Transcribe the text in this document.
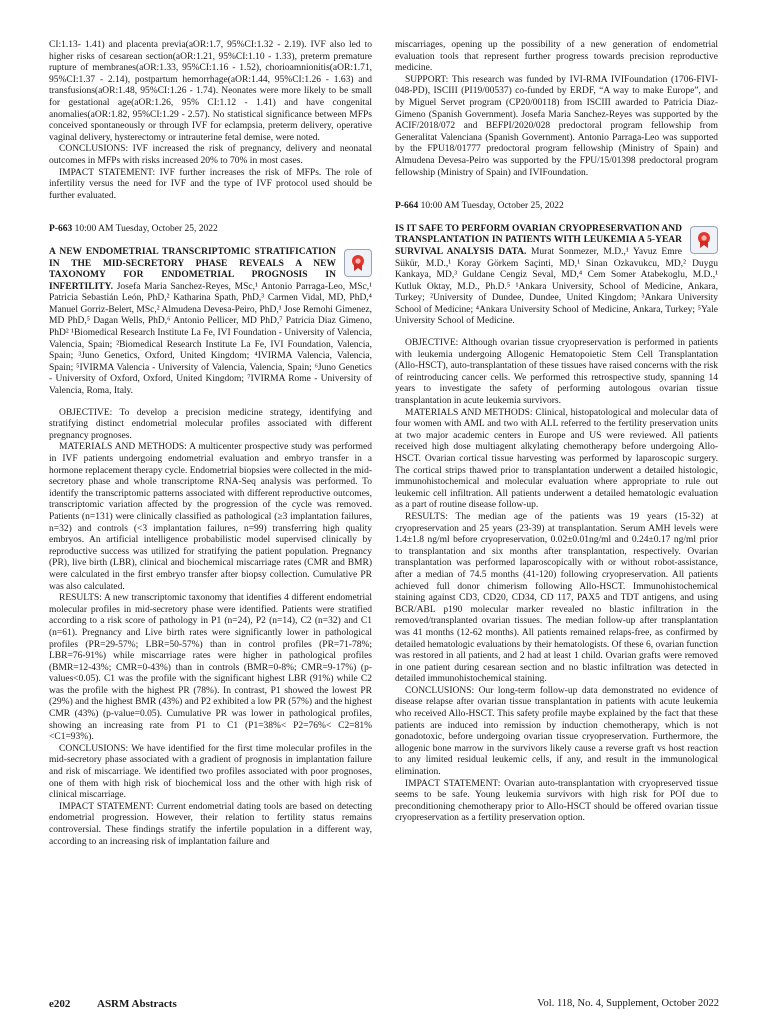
CI:1.13- 1.41) and placenta previa(aOR:1.7, 95%CI:1.32 - 2.19). IVF also led to higher risks of cesarean section(aOR:1.21, 95%CI:1.10 - 1.33), preterm premature rupture of membranes(aOR:1.33, 95%CI:1.16 - 1.52), chorioamnionitis(aOR:1.71, 95%CI:1.37 - 2.14), postpartum hemorrhage(aOR:1.44, 95%CI:1.26 - 1.63) and transfusions(aOR:1.48, 95%CI:1.26 - 1.74). Neonates were more likely to be small for gestational age(aOR:1.26, 95% CI:1.12 - 1.41) and have congenital anomalies(aOR:1.82, 95%CI:1.29 - 2.57). No statistical significance between MFPs conceived spontaneously or through IVF for eclampsia, preterm delivery, operative vaginal delivery, hysterectomy or intrauterine fetal demise, were noted.

CONCLUSIONS: IVF increased the risk of pregnancy, delivery and neonatal outcomes in MFPs with risks increased 20% to 70% in most cases.

IMPACT STATEMENT: IVF further increases the risk of MFPs. The role of infertility versus the need for IVF and the type of IVF protocol used should be further evaluated.

P-663 10:00 AM Tuesday, October 25, 2022

A NEW ENDOMETRIAL TRANSCRIPTOMIC STRATIFICATION IN THE MID-SECRETORY PHASE REVEALS A NEW TAXONOMY FOR ENDOMETRIAL PROGNOSIS IN INFERTILITY. Josefa Maria Sanchez-Reyes, MSc,¹ Antonio Parraga-Leo, MSc,¹ Patricia Sebastián León, PhD,² Katharina Spath, PhD,³ Carmen Vidal, MD, PhD,⁴ Manuel Gorriz-Belert, MSc,² Almudena Devesa-Peiro, PhD,¹ Jose Remohi Gimenez, MD PhD,⁵ Dagan Wells, PhD,⁶ Antonio Pellicer, MD PhD,⁷ Patricia Diaz Gimeno, PhD² ¹Biomedical Research Institute La Fe, IVI Foundation - University of Valencia, Valencia, Spain; ²Biomedical Research Institute La Fe, IVI Foundation, Valencia, Spain; ³Juno Genetics, Oxford, United Kingdom; ⁴IVIRMA Valencia, Valencia, Spain; ⁵IVIRMA Valencia - University of Valencia, Valencia, Spain; ⁶Juno Genetics - University of Oxford, Oxford, United Kingdom; ⁷IVIRMA Rome - University of Valencia, Roma, Italy.

OBJECTIVE: To develop a precision medicine strategy, identifying and stratifying distinct endometrial molecular profiles associated with different pregnancy prognoses.

MATERIALS AND METHODS: A multicenter prospective study was performed in IVF patients undergoing endometrial evaluation and embryo transfer in a hormone replacement therapy cycle. Endometrial biopsies were collected in the mid-secretory phase and whole transcriptome RNA-Seq analysis was performed. To identify the transcriptomic patterns associated with different reproductive outcomes, transcriptomic variation affected by the progression of the cycle was removed. Patients (n=131) were clinically classified as pathological (≥3 implantation failures, n=32) and controls (<3 implantation failures, n=99) transferring high quality embryos. An artificial intelligence probabilistic model supervised clinically by reproductive success was utilized for stratifying the patient population. Pregnancy (PR), live birth (LBR), clinical and biochemical miscarriage rates (CMR and BMR) were calculated in the first embryo transfer after biopsy collection. Cumulative PR was also calculated.

RESULTS: A new transcriptomic taxonomy that identifies 4 different endometrial molecular profiles in mid-secretory phase were identified. Patients were stratified according to a risk score of pathology in P1 (n=24), P2 (n=14), C2 (n=32) and C1 (n=61). Pregnancy and Live birth rates were significantly lower in pathological profiles (PR=29-57%; LBR=50-57%) than in control profiles (PR=71-78%; LBR=76-91%) while miscarriage rates were higher in pathological profiles (BMR=12-43%; CMR=0-43%) than in controls (BMR=0-8%; CMR=9-17%) (p-values<0.05). C1 was the profile with the significant highest LBR (91%) while C2 was the profile with the highest PR (78%). In contrast, P1 showed the lowest PR (29%) and the highest BMR (43%) and P2 exhibited a low PR (57%) and the highest CMR (43%) (p-value=0.05). Cumulative PR was lower in pathological profiles, showing an increasing rate from P1 to C1 (P1=38%< P2=76%< C2=81%<C1=93%).

CONCLUSIONS: We have identified for the first time molecular profiles in the mid-secretory phase associated with a gradient of prognosis in implantation failure and risk of miscarriage. We identified two profiles associated with poor prognoses, one of them with high risk of biochemical loss and the other with high risk of clinical miscarriage.

IMPACT STATEMENT: Current endometrial dating tools are based on detecting endometrial progression. However, their relation to fertility status remains controversial. These findings stratify the infertile population in a different way, according to an increasing risk of implantation failure and

miscarriages, opening up the possibility of a new generation of endometrial evaluation tools that represent further progress towards precision reproductive medicine.

SUPPORT: This research was funded by IVI-RMA IVIFoundation (1706-FIVI-048-PD), ISCIII (PI19/00537) co-funded by ERDF, “A way to make Europe”, and by Miguel Servet program (CP20/00118) from ISCIII awarded to Patricia Diaz-Gimeno (Spanish Government). Josefa Maria Sanchez-Reyes was supported by the ACIF/2018/072 and BEFPI/2020/028 predoctoral program fellowship from Generalitat Valenciana (Spanish Government). Antonio Parraga-Leo was supported by the FPU18/01777 predoctoral program fellowship (Ministry of Spain) and Almudena Devesa-Peiro was supported by the FPU/15/01398 predoctoral program fellowship (Ministry of Spain) and IVIFoundation.

P-664 10:00 AM Tuesday, October 25, 2022

IS IT SAFE TO PERFORM OVARIAN CRYOPRESERVATION AND TRANSPLANTATION IN PATIENTS WITH LEUKEMIA A 5-YEAR SURVIVAL ANALYSIS DATA. Murat Sonmezer, M.D.,¹ Yavuz Emre Sükür, M.D.,¹ Koray Görkem Saçinti, MD,¹ Sinan Ozkavukcu, MD,² Duygu Kankaya, MD,³ Guldane Cengiz Seval, MD,⁴ Cem Somer Atabekoglu, M.D.,¹ Kutluk Oktay, M.D., Ph.D.⁵ ¹Ankara University, School of Medicine, Ankara, Turkey; ²University of Dundee, Dundee, United Kingdom; ³Ankara University School of Medicine; ⁴Ankara University School of Medicine, Ankara, Turkey; ⁵Yale University School of Medicine.

OBJECTIVE: Although ovarian tissue cryopreservation is performed in patients with leukemia undergoing Allogenic Hematopoietic Stem Cell Transplantation (Allo-HSCT), auto-transplantation of these tissues have raised concerns with the risk of reintroducing cancer cells. We performed this retrospective study, spanning 14 years to investigate the safety of performing autologous ovarian tissue transplantation in acute leukemia survivors.

MATERIALS AND METHODS: Clinical, histopatological and molecular data of four women with AML and two with ALL referred to the fertility preservation units at two major academic centers in Europe and US were reviewed. All patients received high dose multiagent alkylating chemotherapy before undergoing Allo-HSCT. Ovarian cortical tissue harvesting was performed by laparoscopic surgery. The cortical strips thawed prior to transplantation underwent a detailed histologic, immunohistochemical and molecular evaluation where appropriate to rule out leukemic cell infiltration. All patients underwent a detailed hematologic evaluation as a part of routine disease follow-up.

RESULTS: The median age of the patients was 19 years (15-32) at cryopreservation and 25 years (23-39) at transplantation. Serum AMH levels were 1.4±1.8 ng/ml before cryopreservation, 0.02±0.01ng/ml and 0.24±0.17 ng/ml prior to transplantation and six months after transplantation, respectively. Ovarian transplantation was performed laparoscopically with or without robot-assistance, after a median of 74.5 months (41-120) following cryopreservation. All patients achieved full donor chimerism following Allo-HSCT. Immunohistochemical staining against CD3, CD20, CD34, CD 117, PAX5 and TDT antigens, and using BCR/ABL p190 molecular marker revealed no blastic infiltration in the removed/transplanted ovarian tissues. The median follow-up after transplantation was 41 months (12-62 months). All patients remained relaps-free, as confirmed by detailed hematologic evaluations by their hematologists. Of these 6, ovarian function was restored in all patients, and 2 had at least 1 child. Ovarian grafts were removed in one patient during cesarean section and no blastic infiltration was detected in detailed immunohistochemical staining.

CONCLUSIONS: Our long-term follow-up data demonstrated no evidence of disease relapse after ovarian tissue transplantation in patients with acute leukemia who received Allo-HSCT. This safety profile maybe explained by the fact that these patients are induced into remission by induction chemotherapy, which is not gonadotoxic, before undergoing ovarian tissue cryopreservation. Furthermore, the allogenic bone marrow in the survivors likely cause a reverse graft vs host reaction to any limited residual leukemic cells, if any, and result in the immunological elimination.

IMPACT STATEMENT: Ovarian auto-transplantation with cryopreserved tissue seems to be safe. Young leukemia survivors with high risk for POI due to preconditioning chemotherapy prior to Allo-HSCT should be offered ovarian tissue cryopreservation as a fertility preservation option.

e202 ASRM Abstracts	Vol. 118, No. 4, Supplement, October 2022
